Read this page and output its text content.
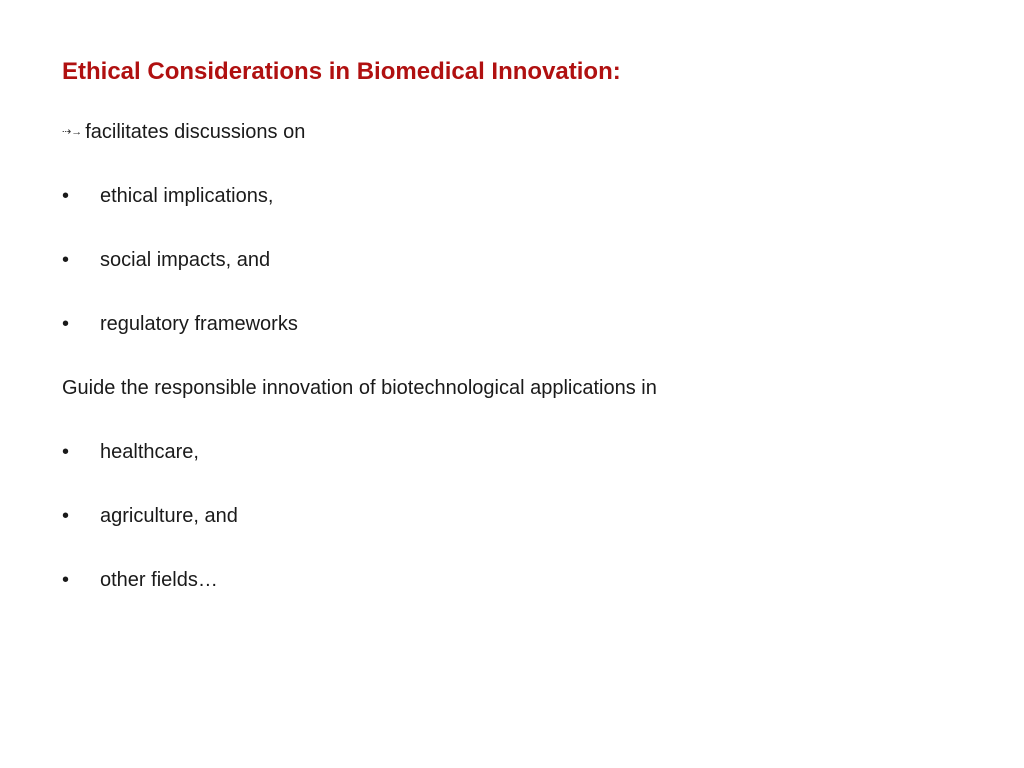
Ethical Considerations in Biomedical Innovation:
⇢→ facilitates discussions on
• ethical implications,
• social impacts, and
• regulatory frameworks
Guide the responsible innovation of biotechnological applications in
• healthcare,
• agriculture, and
• other fields…
